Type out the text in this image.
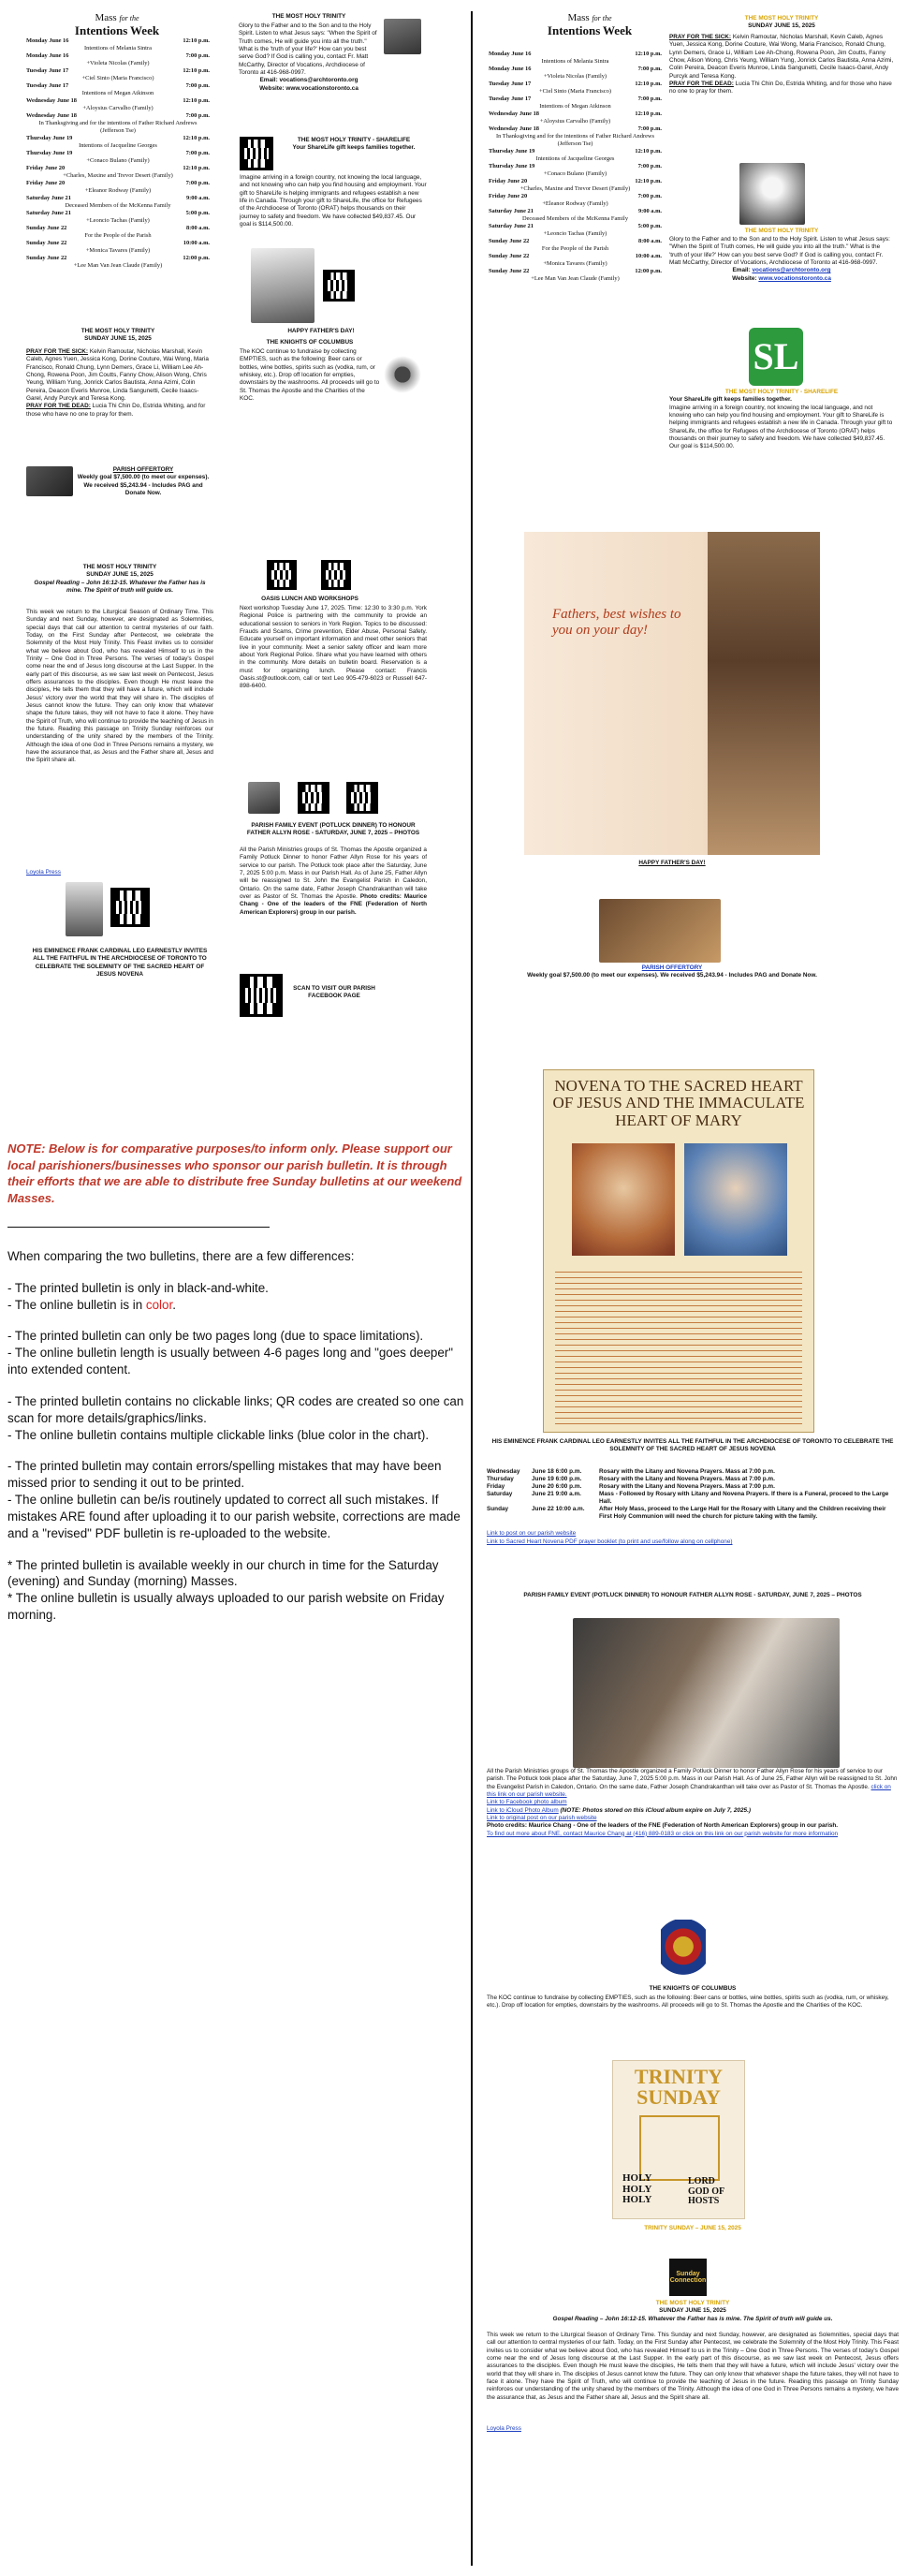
Mass for the
Intentions Week
Monday June 16	12:10 p.m.
Intentions of Melania Sintra
Monday June 16	7:00 p.m.
+Violeta Nicolas (Family)
Tuesday June 17	12:10 p.m.
+Ciel Sinto (Maria Francisco)
Tuesday June 17	7:00 p.m.
Intentions of Megan Atkinson
Wednesday June 18	12:10 p.m.
+Aloysius Carvalho (Family)
Wednesday June 18	7:00 p.m.
In Thanksgiving and for the intentions of Father Richard Andrews (Jefferson Tse)
Thursday June 19	12:10 p.m.
Intentions of Jacqueline Georges
Thursday June 19	7:00 p.m.
+Conaco Bulano (Family)
Friday June 20	12:10 p.m.
+Charles, Maxine and Trevor Desert (Family)
Friday June 20	7:00 p.m.
+Eleanor Rodway (Family)
Saturday June 21	9:00 a.m.
Deceased Members of the McKenna Family
Saturday June 21	5:00 p.m.
+Leoncio Tachas (Family)
Sunday June 22	8:00 a.m.
For the People of the Parish
Sunday June 22	10:00 a.m.
+Monica Tavares (Family)
Sunday June 22	12:00 p.m.
+Lee Man Van Jean Claude (Family)
THE MOST HOLY TRINITY
SUNDAY JUNE 15, 2025
PRAY FOR THE SICK: Kelvin Ramoutar, Nicholas Marshall, Kevin Caleb, Agnes Yuen, Jessica Kong, Dorine Couture, Wai Wong, Maria Francisco, Ronald Chung, Lynn Demers, Grace Li, William Lee Ah-Chong, Rowena Poon, Jim Coutts, Fanny Chow, Alison Wong, Chris Yeung, William Yung, Jonrick Carlos Bautista, Anna Azimi, Colin Pereira, Deacon Everis Munroe, Linda Sangunetti, Cecile Isaacs-Garel, Andy Purcyk and Teresa Kong.
PRAY FOR THE DEAD: Lucia Thi Chin Do, Estrida Whiting, and for those who have no one to pray for them.
PARISH OFFERTORY
Weekly goal $7,500.00 (to meet our expenses). We received $5,243.94 - Includes PAG and Donate Now.
THE MOST HOLY TRINITY
Glory to the Father and to the Son and to the Holy Spirit. Listen to what Jesus says: "When the Spirit of Truth comes, He will guide you into all the truth." What is the 'truth of your life?' How can you best serve God? If God is calling you, contact Fr. Matt McCarthy, Director of Vocations, Archdiocese of Toronto at 416-968-0997.

Email: vocations@archtoronto.org
Website: www.vocationstoronto.ca
THE MOST HOLY TRINITY - SHARELIFE
Your ShareLife gift keeps families together.
Imagine arriving in a foreign country, not knowing the local language, and not knowing who can help you find housing and employment. Your gift to ShareLife is helping immigrants and refugees establish a new life in Canada. Through your gift to ShareLife, the office for Refugees of the Archdiocese of Toronto (ORAT) helps thousands on their journey to safety and freedom. We have collected $49,837.45. Our goal is $114,500.00.
HAPPY FATHER'S DAY!
THE KNIGHTS OF COLUMBUS
The KOC continue to fundraise by collecting EMPTIES, such as the following: Beer cans or bottles, wine bottles, spirits such as (vodka, rum, or whiskey, etc.). Drop off location for empties, downstairs by the washrooms. All proceeds will go to St. Thomas the Apostle and the Charities of the KOC.
THE MOST HOLY TRINITY
SUNDAY JUNE 15, 2025
Gospel Reading – John 16:12-15. Whatever the Father has is mine. The Spirit of truth will guide us.
This week we return to the Liturgical Season of Ordinary Time. This Sunday and next Sunday, however, are designated as Solemnities, special days that call our attention to central mysteries of our faith. Today, on the First Sunday after Pentecost, we celebrate the Solemnity of the Most Holy Trinity. This Feast invites us to consider what we believe about God, who has revealed Himself to us in the Trinity – One God in Three Persons. The verses of today's Gospel come near the end of Jesus long discourse at the Last Supper. In the early part of this discourse, as we saw last week on Pentecost, Jesus offers assurances to the disciples. Even though He must leave the disciples, He tells them that they will have a future, which will include Jesus' victory over the world that they will share in. The disciples of Jesus cannot know the future. They can only know that whatever shape the future takes, they will not have to face it alone. They have the Spirit of Truth, who will continue to provide the teaching of Jesus in the future. Reading this passage on Trinity Sunday reinforces our understanding of the unity shared by the members of the Trinity. Although the idea of one God in Three Persons remains a mystery, we have the assurance that, as Jesus and the Father share all, Jesus and the Spirit share all.
Loyola Press
HIS EMINENCE FRANK CARDINAL LEO EARNESTLY INVITES ALL THE FAITHFUL IN THE ARCHDIOCESE OF TORONTO TO CELEBRATE THE SOLEMNITY OF THE SACRED HEART OF JESUS NOVENA
OASIS LUNCH AND WORKSHOPS
Next workshop Tuesday June 17, 2025. Time: 12:30 to 3:30 p.m. York Regional Police is partnering with the community to provide an educational session to seniors in York Region. Topics to be discussed: Frauds and Scams, Crime prevention, Elder Abuse, Personal Safety. Educate yourself on important information and meet other seniors that live in your community. Meet a senior safety officer and learn more about York Regional Police. Share what you have learned with others in the community. More details on bulletin board. Reservation is a must for organizing lunch. Please contact: Francis Oasis.st@outlook.com, call or text Leo 905-479-6023 or Russell 647-898-6400.
PARISH FAMILY EVENT (POTLUCK DINNER) TO HONOUR FATHER ALLYN ROSE - SATURDAY, JUNE 7, 2025 – PHOTOS
All the Parish Ministries groups of St. Thomas the Apostle organized a Family Potluck Dinner to honor Father Allyn Rose for his years of service to our parish. The Potluck took place after the Saturday, June 7, 2025 5:00 p.m. Mass in our Parish Hall. As of June 25, Father Allyn will be reassigned to St. John the Evangelist Parish in Caledon, Ontario. On the same date, Father Joseph Chandrakanthan will take over as Pastor of St. Thomas the Apostle. Photo credits: Maurice Chang - One of the leaders of the FNE (Federation of North American Explorers) group in our parish.
SCAN TO VISIT OUR PARISH FACEBOOK PAGE
NOTE: Below is for comparative purposes/to inform only. Please support our local parishioners/businesses who sponsor our parish bulletin. It is through their efforts that we are able to distribute free Sunday bulletins at our weekend Masses.
When comparing the two bulletins, there are a few differences:
- The printed bulletin is only in black-and-white.
- The online bulletin is in color.
- The printed bulletin can only be two pages long (due to space limitations).
- The online bulletin length is usually between 4-6 pages long and "goes deeper" into extended content.
- The printed bulletin contains no clickable links; QR codes are created so one can scan for more details/graphics/links.
- The online bulletin contains multiple clickable links (blue color in the chart).
- The printed bulletin may contain errors/spelling mistakes that may have been missed prior to sending it out to be printed.
- The online bulletin can be/is routinely updated to correct all such mistakes. If mistakes ARE found after uploading it to our parish website, corrections are made and a "revised" PDF bulletin is re-uploaded to the website.
* The printed bulletin is available weekly in our church in time for the Saturday (evening) and Sunday (morning) Masses.
* The online bulletin is usually always uploaded to our parish website on Friday morning.
Mass for the
Intentions Week
Monday June 16	12:10 p.m.
Intentions of Melania Sintra
Monday June 16	7:00 p.m.
+Violeta Nicolas (Family)
Tuesday June 17	12:10 p.m.
+Ciel Sinto (Maria Francisco)
Tuesday June 17	7:00 p.m.
Intentions of Megan Atkinson
Wednesday June 18	12:10 p.m.
+Aloysius Carvalho (Family)
Wednesday June 18	7:00 p.m.
In Thanksgiving and for the intentions of Father Richard Andrews (Jefferson Tse)
Thursday June 19	12:10 p.m.
Intentions of Jacqueline Georges
Thursday June 19	7:00 p.m.
+Conaco Bulano (Family)
Friday June 20	12:10 p.m.
+Charles, Maxine and Trevor Desert (Family)
Friday June 20	7:00 p.m.
+Eleanor Rodway (Family)
Saturday June 21	9:00 a.m.
Deceased Members of the McKenna Family
Saturday June 21	5:00 p.m.
+Leoncio Tachas (Family)
Sunday June 22	8:00 a.m.
For the People of the Parish
Sunday June 22	10:00 a.m.
+Monica Tavares (Family)
Sunday June 22	12:00 p.m.
+Lee Man Van Jean Claude (Family)
THE MOST HOLY TRINITY
SUNDAY JUNE 15, 2025
PRAY FOR THE SICK: Kelvin Ramoutar, Nicholas Marshall, Kevin Caleb, Agnes Yuen, Jessica Kong, Dorine Couture, Wai Wong, Maria Francisco, Ronald Chung, Lynn Demers, Grace Li, William Lee Ah-Chong, Rowena Poon, Jim Coutts, Fanny Chow, Alison Wong, Chris Yeung, William Yung, Jonrick Carlos Bautista, Anna Azimi, Colin Pereira, Deacon Everis Munroe, Linda Sangunetti, Cecile Isaacs-Garel, Andy Purcyk and Teresa Kong.
PRAY FOR THE DEAD: Lucia Thi Chin Do, Estrida Whiting, and for those who have no one to pray for them.
THE MOST HOLY TRINITY
Glory to the Father and to the Son and to the Holy Spirit. Listen to what Jesus says: "When the Spirit of Truth comes, He will guide you into all the truth." What is the 'truth of your life?' How can you best serve God? If God is calling you, contact Fr. Matt McCarthy, Director of Vocations, Archdiocese of Toronto at 416-968-0997.
Email: vocations@archtoronto.org
Website: www.vocationstoronto.ca
SL
THE MOST HOLY TRINITY - SHARELIFE
Your ShareLife gift keeps families together.
Imagine arriving in a foreign country, not knowing the local language, and not knowing who can help you find housing and employment. Your gift to ShareLife is helping immigrants and refugees establish a new life in Canada. Through your gift to ShareLife, the office for Refugees of the Archdiocese of Toronto (ORAT) helps thousands on their journey to safety and freedom. We have collected $49,837.45. Our goal is $114,500.00.
Fathers, best wishes to you on your day!
HAPPY FATHER'S DAY!
PARISH OFFERTORY
Weekly goal $7,500.00 (to meet our expenses). We received $5,243.94 - Includes PAG and Donate Now.
NOVENA TO THE SACRED HEART OF JESUS AND THE IMMACULATE HEART OF MARY
HIS EMINENCE FRANK CARDINAL LEO EARNESTLY INVITES ALL THE FAITHFUL IN THE ARCHDIOCESE OF TORONTO TO CELEBRATE THE SOLEMNITY OF THE SACRED HEART OF JESUS NOVENA
Wednesday	June 18 6:00 p.m.	Rosary with the Litany and Novena Prayers. Mass at 7:00 p.m.
Thursday	June 19 6:00 p.m.	Rosary with the Litany and Novena Prayers. Mass at 7:00 p.m.
Friday	June 20 6:00 p.m.	Rosary with the Litany and Novena Prayers. Mass at 7:00 p.m.
Saturday	June 21 9:00 a.m.	Mass - Followed by Rosary with Litany and Novena Prayers. If there is a Funeral, proceed to the Large Hall.
Sunday	June 22 10:00 a.m.	After Holy Mass, proceed to the Large Hall for the Rosary with Litany and the Children receiving their First Holy Communion will need the church for picture taking with the family.
Link to post on our parish website
Link to Sacred Heart Novena PDF prayer booklet (to print and use/follow along on cellphone)
PARISH FAMILY EVENT (POTLUCK DINNER) TO HONOUR FATHER ALLYN ROSE - SATURDAY, JUNE 7, 2025 – PHOTOS
All the Parish Ministries groups of St. Thomas the Apostle organized a Family Potluck Dinner to honor Father Allyn Rose for his years of service to our parish. The Potluck took place after the Saturday, June 7, 2025 5:00 p.m. Mass in our Parish Hall. As of June 25, Father Allyn will be reassigned to St. John the Evangelist Parish in Caledon, Ontario. On the same date, Father Joseph Chandrakanthan will take over as Pastor of St. Thomas the Apostle. click on this link on our parish website.
Link to Facebook photo album
Link to iCloud Photo Album (NOTE: Photos stored on this iCloud album expire on July 7, 2025.)
Link to original post on our parish website
Photo credits: Maurice Chang - One of the leaders of the FNE (Federation of North American Explorers) group in our parish.
To find out more about FNE, contact Maurice Chang at (416) 889-0183 or click on this link on our parish website for more information
THE KNIGHTS OF COLUMBUS
The KOC continue to fundraise by collecting EMPTIES, such as the following: Beer cans or bottles, wine bottles, spirits such as (vodka, rum, or whiskey, etc.). Drop off location for empties, downstairs by the washrooms. All proceeds will go to St. Thomas the Apostle and the Charities of the KOC.
TRINITY SUNDAY
HOLY
HOLY
HOLY
LORD GOD OF HOSTS
TRINITY SUNDAY – JUNE 15, 2025
Sunday Connection
THE MOST HOLY TRINITY
SUNDAY JUNE 15, 2025
Gospel Reading – John 16:12-15. Whatever the Father has is mine. The Spirit of truth will guide us.
This week we return to the Liturgical Season of Ordinary Time. This Sunday and next Sunday, however, are designated as Solemnities, special days that call our attention to central mysteries of our faith. Today, on the First Sunday after Pentecost, we celebrate the Solemnity of the Most Holy Trinity. This Feast invites us to consider what we believe about God, who has revealed Himself to us in the Trinity – One God in Three Persons. The verses of today's Gospel come near the end of Jesus long discourse at the Last Supper. In the early part of this discourse, as we saw last week on Pentecost, Jesus offers assurances to the disciples. Even though He must leave the disciples, He tells them that they will have a future, which will include Jesus' victory over the world that they will share in. The disciples of Jesus cannot know the future. They can only know that whatever shape the future takes, they will not have to face it alone. They have the Spirit of Truth, who will continue to provide the teaching of Jesus in the future. Reading this passage on Trinity Sunday reinforces our understanding of the unity shared by the members of the Trinity. Although the idea of one God in Three Persons remains a mystery, we have the assurance that, as Jesus and the Father share all, Jesus and the Spirit share all.
Loyola Press
